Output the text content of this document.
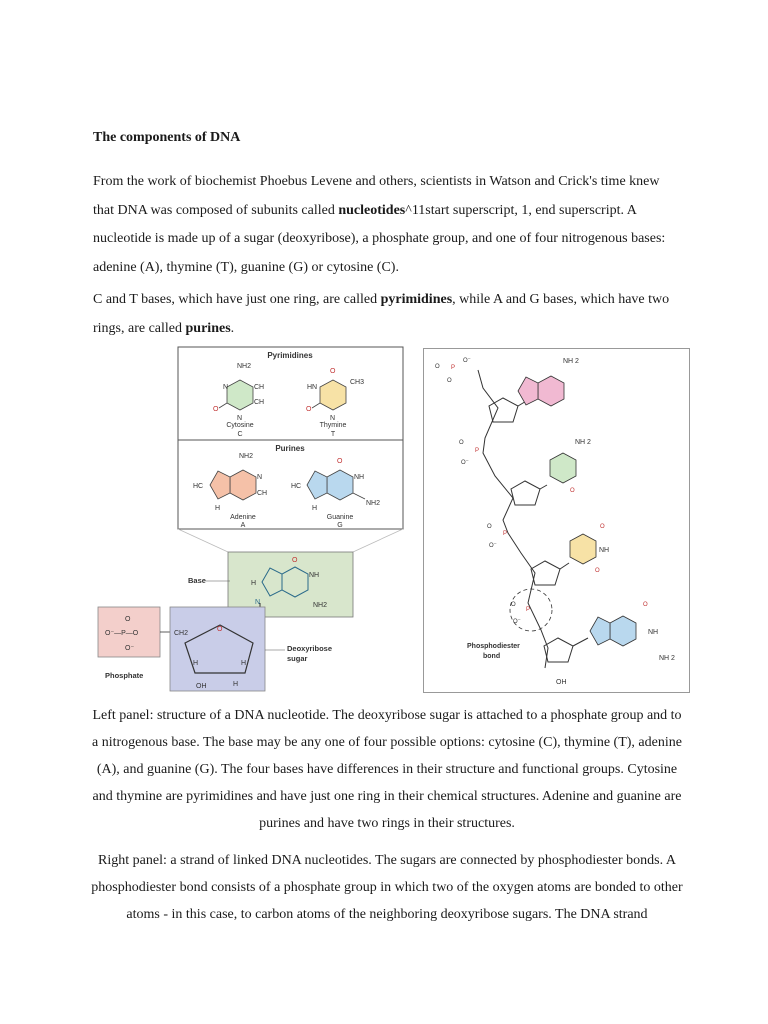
The components of DNA
From the work of biochemist Phoebus Levene and others, scientists in Watson and Crick's time knew that DNA was composed of subunits called nucleotides^11start superscript, 1, end superscript. A nucleotide is made up of a sugar (deoxyribose), a phosphate group, and one of four nitrogenous bases: adenine (A), thymine (T), guanine (G) or cytosine (C).
C and T bases, which have just one ring, are called pyrimidines, while A and G bases, which have two rings, are called purines.
Pyrimidines
Purines
NH2
O
N
N
CH
CH
Cytosine
C
O
CH3
HN
O
N
Thymine
T
NH2
HC
N
CH
H
Adenine
A
O
NH
NH2
HC
H
Guanine
G
Base
O
NH
NH2
H
N
O⁻—P—O
O
O⁻
Phosphate
CH2
O
H	H
OH	H
Deoxyribose
sugar
O P
O⁻
O
O
P
O⁻
O
P
O⁻
O
P
O⁻
NH 2
NH 2
O
O
NH
O
O
NH
NH 2
Phosphodiester
bond
OH
Left panel: structure of a DNA nucleotide. The deoxyribose sugar is attached to a phosphate group and to a nitrogenous base. The base may be any one of four possible options: cytosine (C), thymine (T), adenine (A), and guanine (G). The four bases have differences in their structure and functional groups. Cytosine and thymine are pyrimidines and have just one ring in their chemical structures. Adenine and guanine are purines and have two rings in their structures.
Right panel: a strand of linked DNA nucleotides. The sugars are connected by phosphodiester bonds. A phosphodiester bond consists of a phosphate group in which two of the oxygen atoms are bonded to other atoms - in this case, to carbon atoms of the neighboring deoxyribose sugars. The DNA strand
